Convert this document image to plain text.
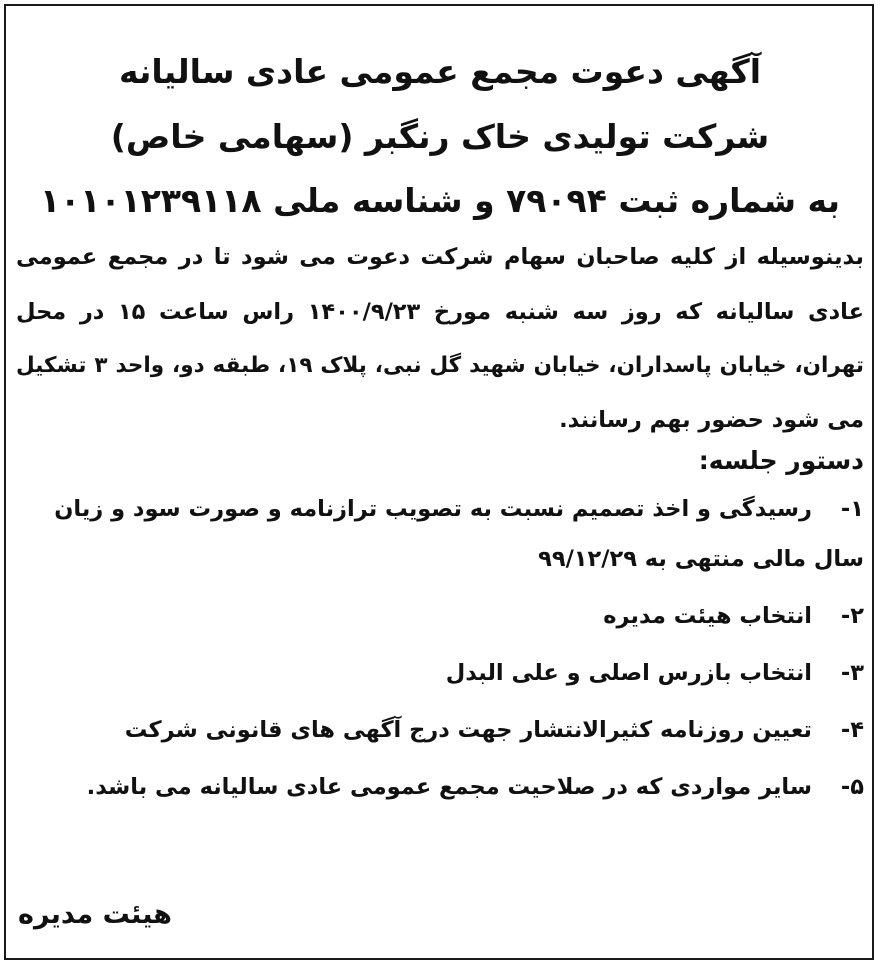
آگهی دعوت مجمع عمومی عادی سالیانه
شرکت تولیدی خاک رنگبر (سهامی خاص)
به شماره ثبت ۷۹۰۹۴ و شناسه ملی ۱۰۱۰۱۲۳۹۱۱۸

بدینوسیله از کلیه صاحبان سهام شرکت دعوت می شود تا در مجمع عمومی

عادی سالیانه که روز سه شنبه مورخ ۱۴۰۰/۹/۲۳ راس ساعت ۱۵ در محل

تهران، خیابان پاسداران، خیابان شهید گل نبی، پلاک ۱۹، طبقه دو، واحد ۳ تشکیل

می شود حضور بهم رسانند.

دستور جلسه:
۱-
رسیدگی و اخذ تصمیم نسبت به تصویب ترازنامه و صورت سود و زیان
سال مالی منتهی به ۹۹/۱۲/۲۹
۲-
انتخاب هیئت مدیره
۳-
انتخاب بازرس اصلی و علی البدل
۴-
تعیین روزنامه کثیرالانتشار جهت درج آگهی های قانونی شرکت
۵-
سایر مواردی که در صلاحیت مجمع عمومی عادی سالیانه می باشد.
هیئت مدیره
